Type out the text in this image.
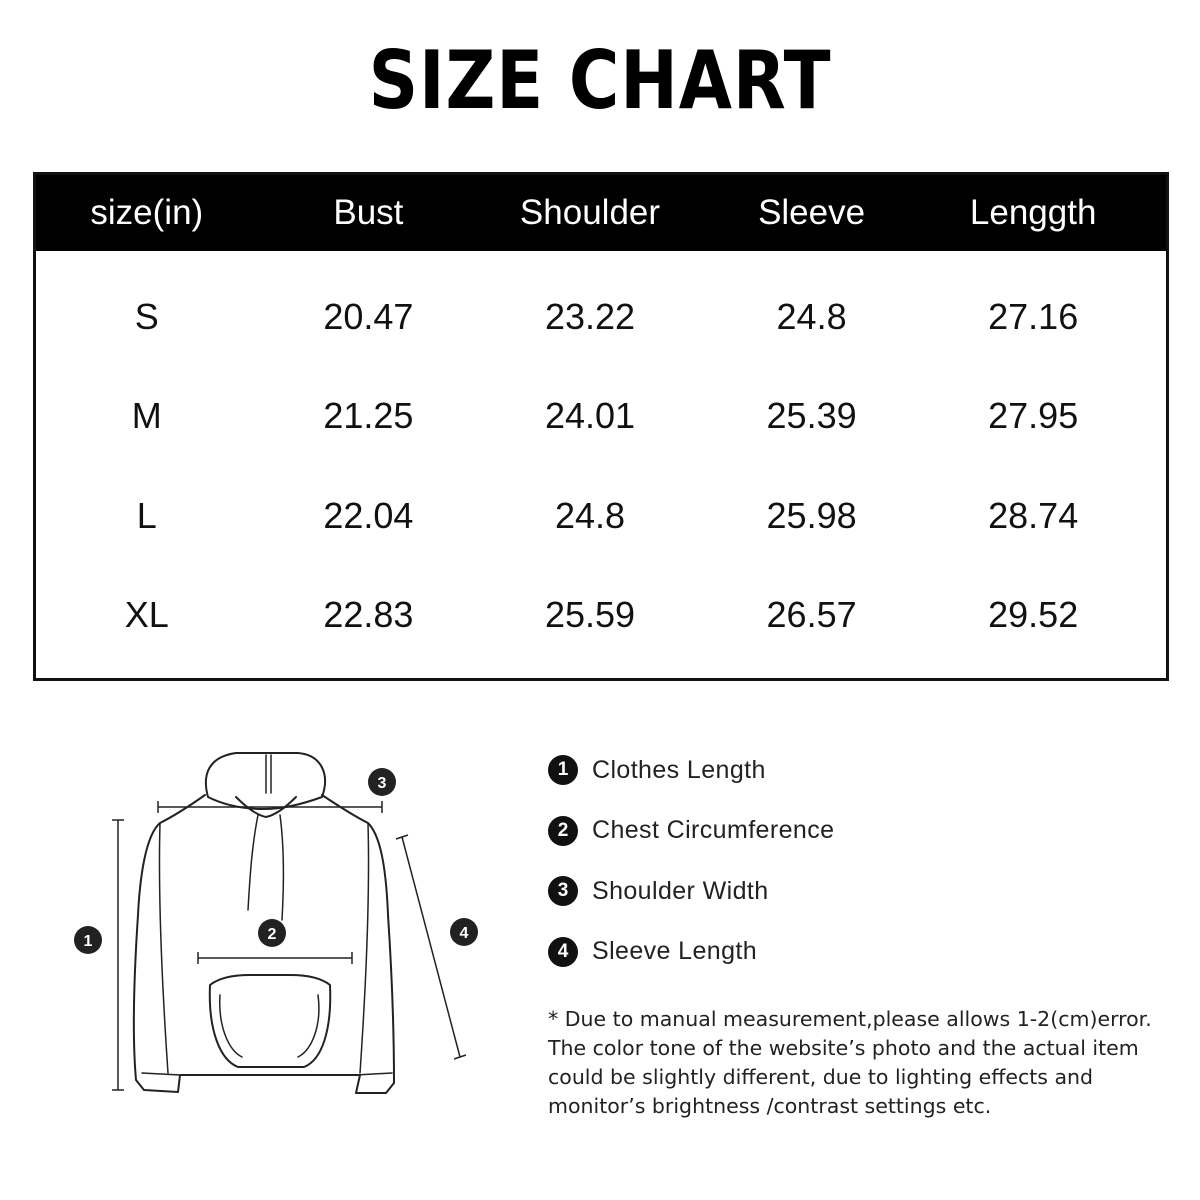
SIZE CHART
size(in)	Bust	Shoulder	Sleeve	Lenggth
S	20.47	23.22	24.8	27.16
M	21.25	24.01	25.39	27.95
L	22.04	24.8	25.98	28.74
XL	22.83	25.59	26.57	29.52
1	2
3
4
1 Clothes Length
2 Chest Circumference
3 Shoulder Width
4 Sleeve Length

* Due to manual measurement,please allows 1-2(cm)error.

The color tone of the website’s photo and the actual item

could be slightly different, due to lighting effects and

monitor’s brightness /contrast settings etc.
